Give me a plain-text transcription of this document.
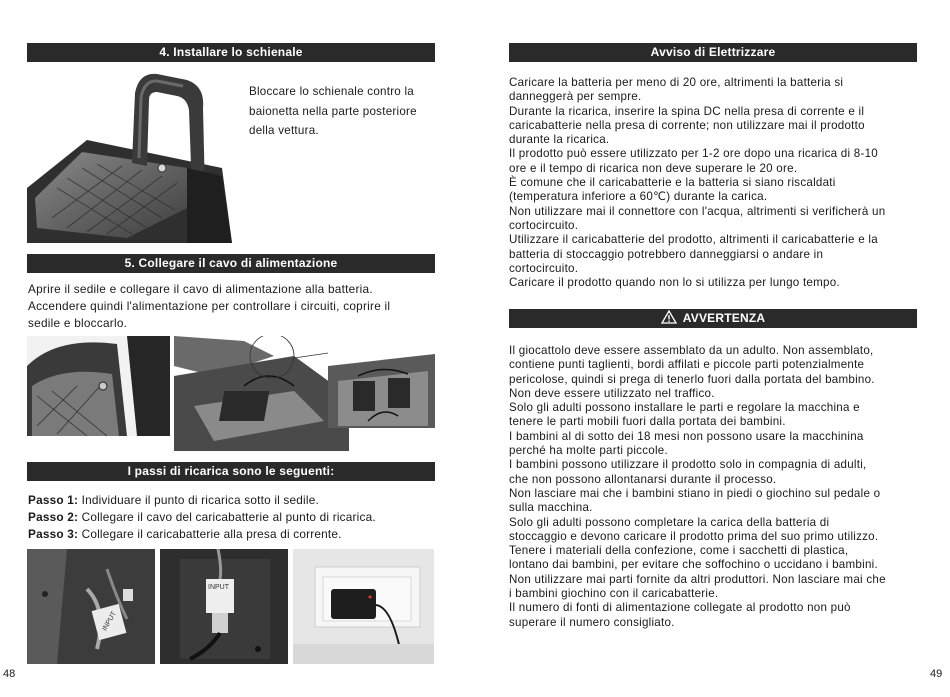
4. Installare lo schienale
Bloccare lo schienale contro la
baionetta nella parte posteriore
della vettura.
5. Collegare il cavo di alimentazione
Aprire il sedile e collegare il cavo di alimentazione alla batteria.
Accendere quindi l'alimentazione per controllare i circuiti, coprire il
sedile e bloccarlo.
I passi di ricarica sono le seguenti:
Passo 1: Individuare il punto di ricarica sotto il sedile.
Passo 2: Collegare il cavo del caricabatterie al punto di ricarica.
Passo 3: Collegare il caricabatterie alla presa di corrente.
INPUT
INPUT
48
Avviso di Elettrizzare
Caricare la batteria per meno di 20 ore, altrimenti la batteria si
danneggerà per sempre.
Durante la ricarica, inserire la spina DC nella presa di corrente e il
caricabatterie nella presa di corrente; non utilizzare mai il prodotto
durante la ricarica.
Il prodotto può essere utilizzato per 1-2 ore dopo una ricarica di 8-10
ore e il tempo di ricarica non deve superare le 20 ore.
È comune che il caricabatterie e la batteria si siano riscaldati
(temperatura inferiore a 60℃) durante la carica.
Non utilizzare mai il connettore con l'acqua, altrimenti si verificherà un
cortocircuito.
Utilizzare il caricabatterie del prodotto, altrimenti il caricabatterie e la
batteria di stoccaggio potrebbero danneggiarsi o andare in
cortocircuito.
Caricare il prodotto quando non lo si utilizza per lungo tempo.
AVVERTENZA
Il giocattolo deve essere assemblato da un adulto. Non assemblato,
contiene punti taglienti, bordi affilati e piccole parti potenzialmente
pericolose, quindi si prega di tenerlo fuori dalla portata del bambino.
Non deve essere utilizzato nel traffico.
Solo gli adulti possono installare le parti e regolare la macchina e
tenere le parti mobili fuori dalla portata dei bambini.
I bambini al di sotto dei 18 mesi non possono usare la macchinina
perché ha molte parti piccole.
I bambini possono utilizzare il prodotto solo in compagnia di adulti,
che non possono allontanarsi durante il processo.
Non lasciare mai che i bambini stiano in piedi o giochino sul pedale o
sulla macchina.
Solo gli adulti possono completare la carica della batteria di
stoccaggio e devono caricare il prodotto prima del suo primo utilizzo.
Tenere i materiali della confezione, come i sacchetti di plastica,
lontano dai bambini, per evitare che soffochino o uccidano i bambini.
Non utilizzare mai parti fornite da altri produttori. Non lasciare mai che
i bambini giochino con il caricabatterie.
Il numero di fonti di alimentazione collegate al prodotto non può
superare il numero consigliato.
49
